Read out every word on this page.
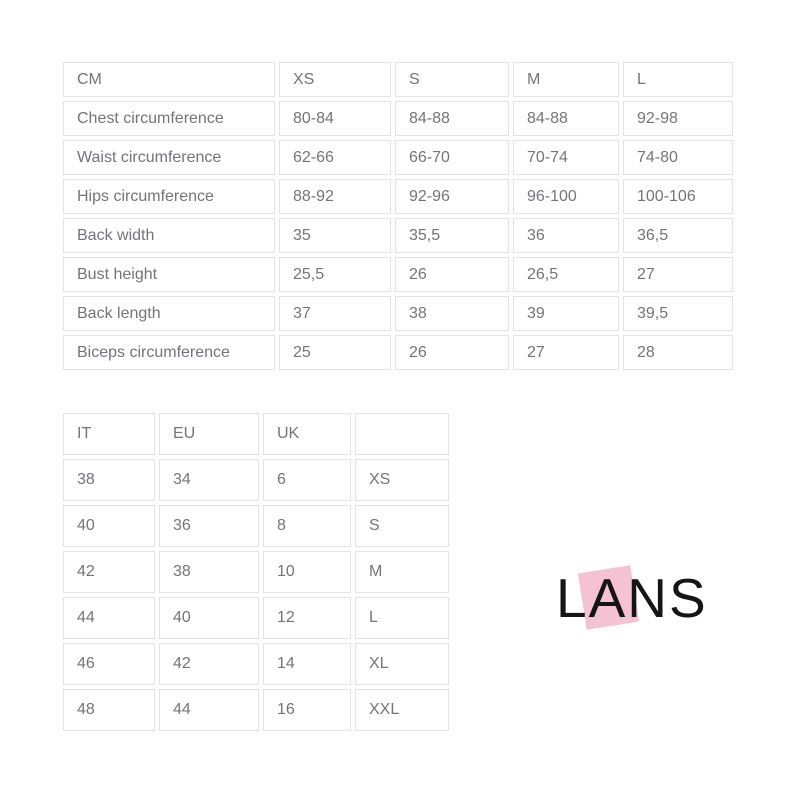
CM	XS	S	M	L
Chest circumference	80-84	84-88	84-88	92-98
Waist circumference	62-66	66-70	70-74	74-80
Hips circumference	88-92	92-96	96-100	100-106
Back width	35	35,5	36	36,5
Bust height	25,5	26	26,5	27
Back length	37	38	39	39,5
Biceps circumference	25	26	27	28
IT	EU	UK	
38	34	6	XS
40	36	8	S
42	38	10	M
44	40	12	L
46	42	14	XL
48	44	16	XXL
LANS
